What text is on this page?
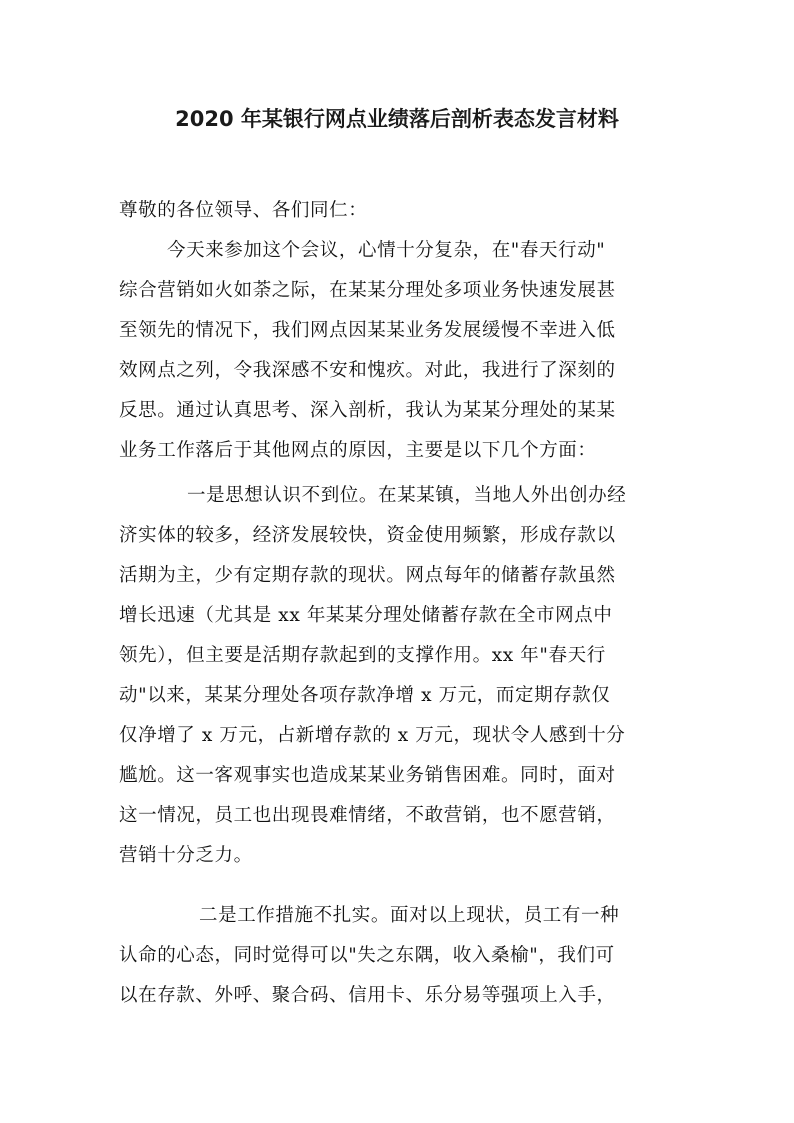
2020 年某银行网点业绩落后剖析表态发言材料
尊敬的各位领导、各们同仁：
今天来参加这个会议，心情十分复杂，在"春天行动"
综合营销如火如荼之际，在某某分理处多项业务快速发展甚
至领先的情况下，我们网点因某某业务发展缓慢不幸进入低
效网点之列，令我深感不安和愧疚。对此，我进行了深刻的
反思。通过认真思考、深入剖析，我认为某某分理处的某某
业务工作落后于其他网点的原因，主要是以下几个方面：
一是思想认识不到位。在某某镇，当地人外出创办经
济实体的较多，经济发展较快，资金使用频繁，形成存款以
活期为主，少有定期存款的现状。网点每年的储蓄存款虽然
增长迅速（尤其是 xx 年某某分理处储蓄存款在全市网点中
领先），但主要是活期存款起到的支撑作用。xx 年"春天行
动"以来，某某分理处各项存款净增 x 万元，而定期存款仅
仅净增了 x 万元，占新增存款的 x 万元，现状令人感到十分
尴尬。这一客观事实也造成某某业务销售困难。同时，面对
这一情况，员工也出现畏难情绪，不敢营销，也不愿营销，
营销十分乏力。
二是工作措施不扎实。面对以上现状，员工有一种
认命的心态，同时觉得可以"失之东隅，收入桑榆"，我们可
以在存款、外呼、聚合码、信用卡、乐分易等强项上入手，
